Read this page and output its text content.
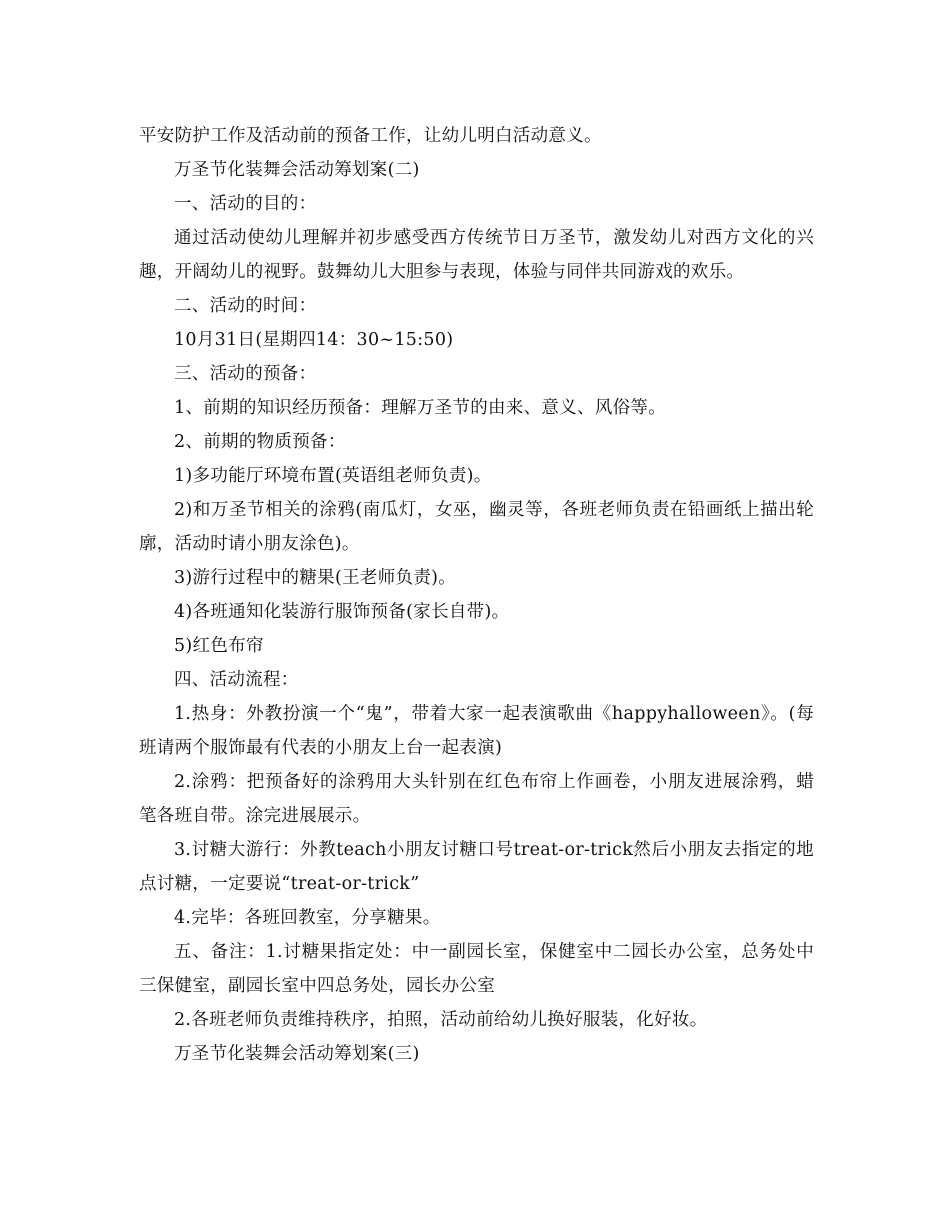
平安防护工作及活动前的预备工作，让幼儿明白活动意义。

万圣节化装舞会活动筹划案(二)

一、活动的目的：

通过活动使幼儿理解并初步感受西方传统节日万圣节，激发幼儿对西方文化的兴趣，开阔幼儿的视野。鼓舞幼儿大胆参与表现，体验与同伴共同游戏的欢乐。

二、活动的时间：

10月31日(星期四14：30~15:50)

三、活动的预备：

1、前期的知识经历预备：理解万圣节的由来、意义、风俗等。

2、前期的物质预备：

1)多功能厅环境布置(英语组老师负责)。

2)和万圣节相关的涂鸦(南瓜灯，女巫，幽灵等，各班老师负责在铅画纸上描出轮廓，活动时请小朋友涂色)。

3)游行过程中的糖果(王老师负责)。

4)各班通知化装游行服饰预备(家长自带)。

5)红色布帘

四、活动流程：

1.热身：外教扮演一个“鬼”，带着大家一起表演歌曲《happyhalloween》。(每班请两个服饰最有代表的小朋友上台一起表演)

2.涂鸦：把预备好的涂鸦用大头针别在红色布帘上作画卷，小朋友进展涂鸦，蜡笔各班自带。涂完进展展示。

3.讨糖大游行：外教teach小朋友讨糖口号treat-or-trick然后小朋友去指定的地点讨糖，一定要说“treat-or-trick”

4.完毕：各班回教室，分享糖果。

五、备注：1.讨糖果指定处：中一副园长室，保健室中二园长办公室，总务处中三保健室，副园长室中四总务处，园长办公室

2.各班老师负责维持秩序，拍照，活动前给幼儿换好服装，化好妆。

万圣节化装舞会活动筹划案(三)
